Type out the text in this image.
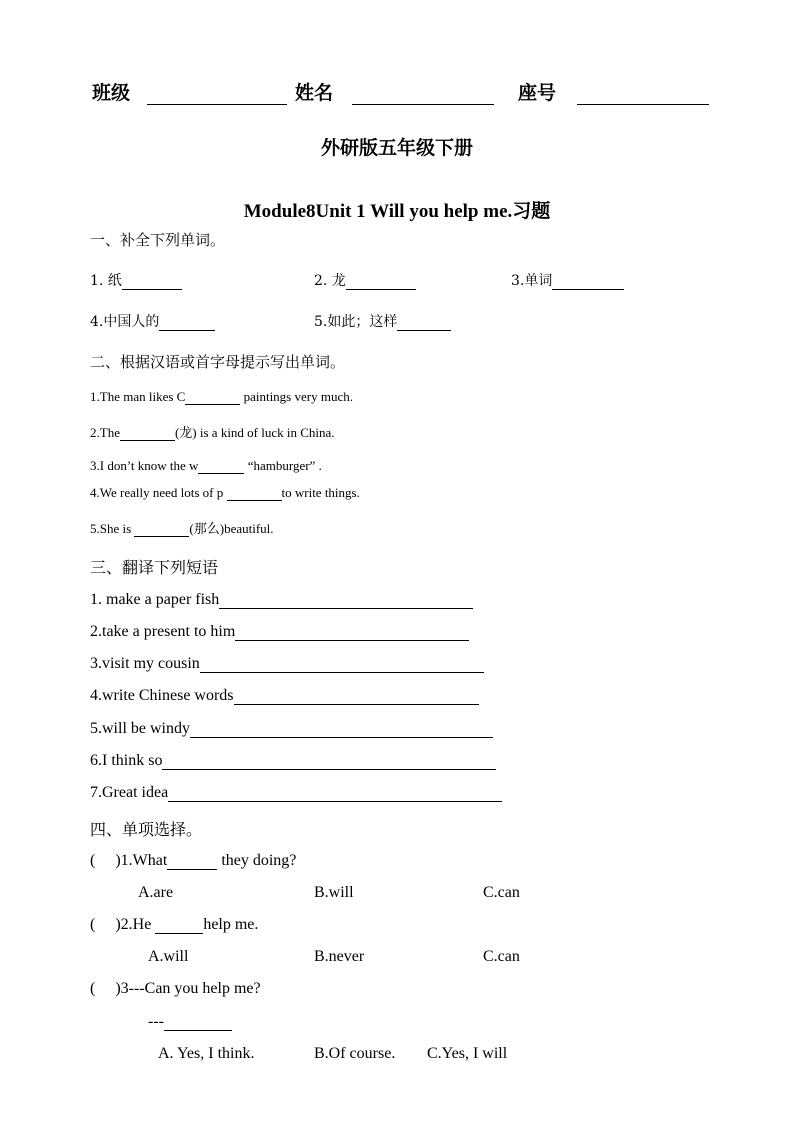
班级	姓名	座号
外研版五年级下册
Module8Unit 1 Will you help me.习题
一、补全下列单词。
1. 纸	2. 龙	3.单词
4.中国人的	5.如此；这样
二、根据汉语或首字母提示写出单词。
1.The man likes C	paintings very much.
2.The	(龙) is a kind of luck in China.
3.I don’t know the w	“hamburger” .
4.We really need lots of p	to write things.
5.She is	(那么)beautiful.
三、翻译下列短语
1. make a paper fish
2.take a present to him
3.visit my cousin
4.write Chinese words
5.will be windy
6.I think so
7.Great idea
四、单项选择。
(     )1.What	they doing?
A.are	B.will	C.can
(     )2.He	help me.
A.will	B.never	C.can
(     )3---Can you help me?
---
A. Yes, I think.	B.Of course. C.Yes, I will
